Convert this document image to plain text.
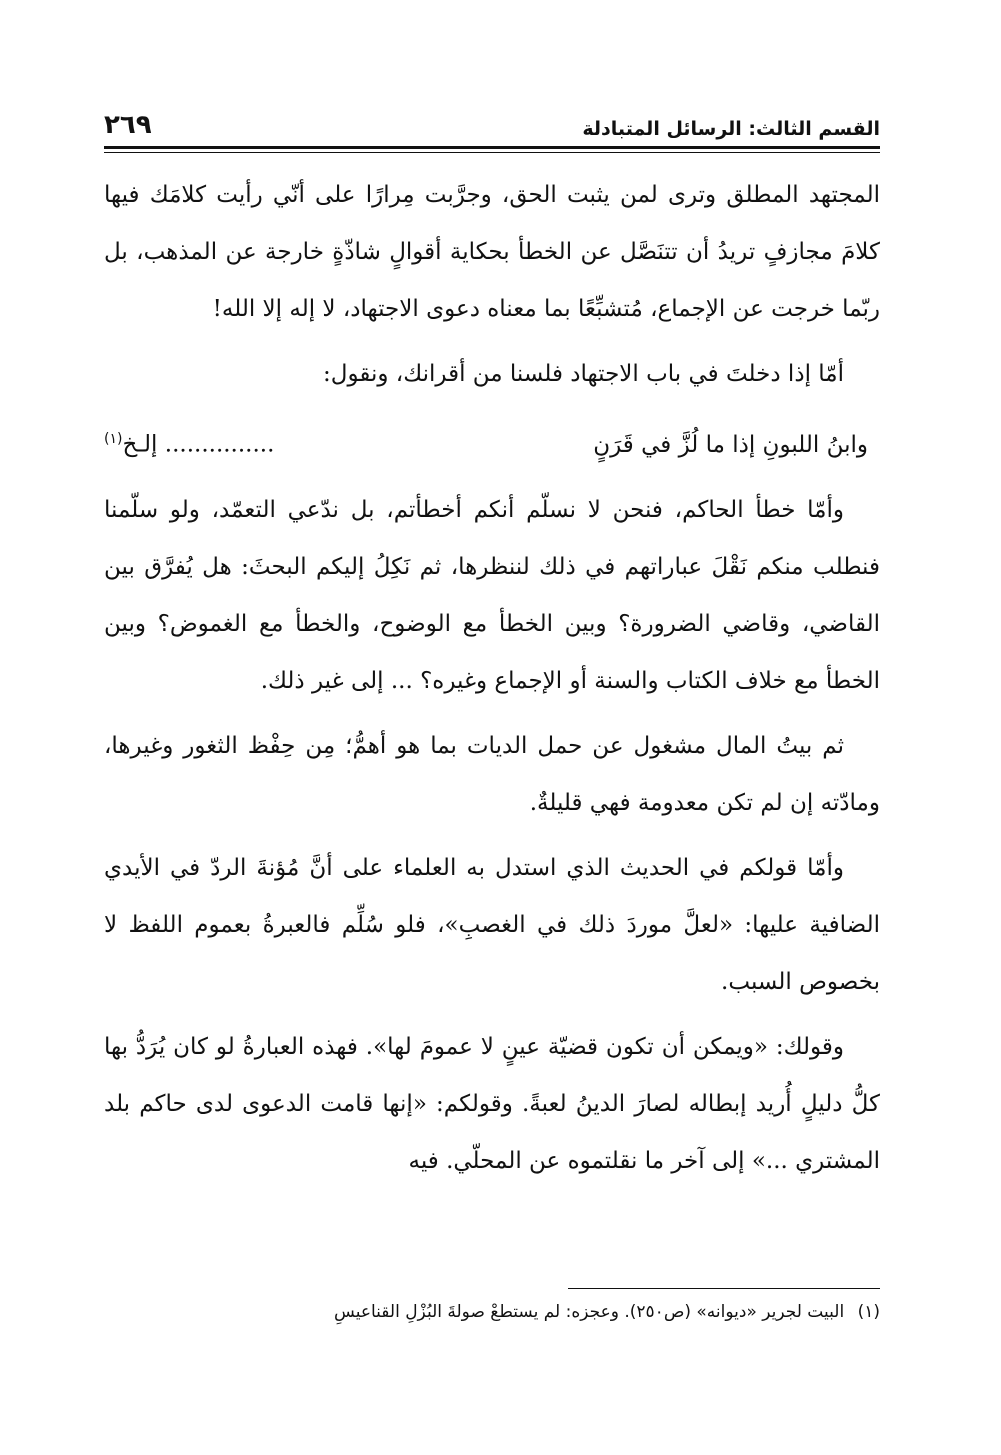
القسم الثالث: الرسائل المتبادلة
٢٦٩

المجتهد المطلق وترى لمن يثبت الحق، وجرَّبت مِرارًا على أنّي رأيت كلامَك فيها كلامَ مجازفٍ تريدُ أن تتنَصَّل عن الخطأ بحكاية أقوالٍ شاذّةٍ خارجة عن المذهب، بل ربّما خرجت عن الإجماع، مُتشبِّعًا بما معناه دعوى الاجتهاد، لا إله إلا الله!

أمّا إذا دخلتَ في باب الاجتهاد فلسنا من أقرانك، ونقول:

وابنُ اللبونِ إذا ما لُزَّ في قَرَنٍ
............... إلـخ$^{(١)}$

وأمّا خطأ الحاكم، فنحن لا نسلّم أنكم أخطأتم، بل ندّعي التعمّد، ولو سلّمنا فنطلب منكم نَقْلَ عباراتهم في ذلك لننظرها، ثم نَكِلُ إليكم البحثَ: هل يُفرَّق بين القاضي، وقاضي الضرورة؟ وبين الخطأ مع الوضوح، والخطأ مع الغموض؟ وبين الخطأ مع خلاف الكتاب والسنة أو الإجماع وغيره؟ ... إلى غير ذلك.

ثم بيتُ المال مشغول عن حمل الديات بما هو أهمُّ؛ مِن حِفْظ الثغور وغيرها، ومادّته إن لم تكن معدومة فهي قليلةٌ.

وأمّا قولكم في الحديث الذي استدل به العلماء على أنَّ مُؤنةَ الردّ في الأيدي الضافية عليها: «لعلَّ موردَ ذلك في الغصبِ»، فلو سُلِّم فالعبرةُ بعموم اللفظ لا بخصوص السبب.

وقولك: «ويمكن أن تكون قضيّة عينٍ لا عمومَ لها». فهذه العبارةُ لو كان يُرَدُّ بها كلُّ دليلٍ أُريد إبطاله لصارَ الدينُ لعبةً. وقولكم: «إنها قامت الدعوى لدى حاكم بلد المشتري ...» إلى آخر ما نقلتموه عن المحلّي. فيه

(١) البيت لجرير «ديوانه» (ص٢٥٠). وعجزه: لم يستطعْ صولةَ البُزْلِ القناعيسِ
